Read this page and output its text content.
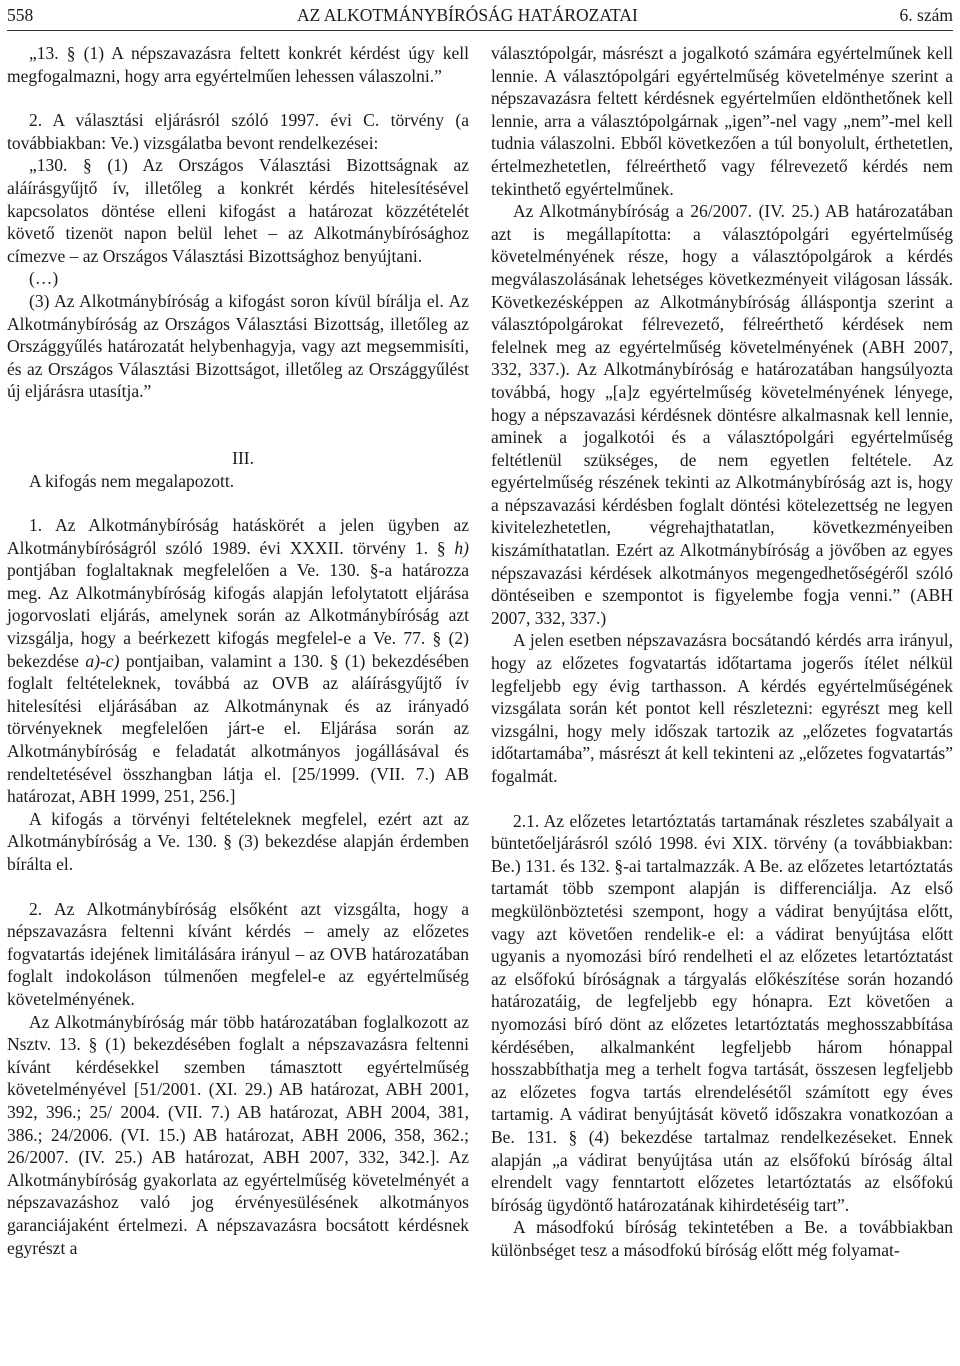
558	AZ ALKOTMÁNYBÍRÓSÁG HATÁROZATAI	6. szám

„13. § (1) A népszavazásra feltett konkrét kérdést úgy kell megfogalmazni, hogy arra egyértelműen lehessen válaszolni.”

2. A választási eljárásról szóló 1997. évi C. törvény (a továbbiakban: Ve.) vizsgálatba bevont rendelkezései:

„130. § (1) Az Országos Választási Bizottságnak az aláírásgyűjtő ív, illetőleg a konkrét kérdés hitelesítésével kapcsolatos döntése elleni kifogást a határozat közzétételét követő tizenöt napon belül lehet – az Alkotmánybírósághoz címezve – az Országos Választási Bizottsághoz benyújtani.

(…)

(3) Az Alkotmánybíróság a kifogást soron kívül bírálja el. Az Alkotmánybíróság az Országos Választási Bizottság, illetőleg az Országgyűlés határozatát helybenhagyja, vagy azt megsemmisíti, és az Országos Választási Bizottságot, illetőleg az Országgyűlést új eljárásra utasítja.”

III.

A kifogás nem megalapozott.

1. Az Alkotmánybíróság hatáskörét a jelen ügyben az Alkotmánybíróságról szóló 1989. évi XXXII. törvény 1. § h) pontjában foglaltaknak megfelelően a Ve. 130. §-a határozza meg. Az Alkotmánybíróság kifogás alapján lefolytatott eljárása jogorvoslati eljárás, amelynek során az Alkotmánybíróság azt vizsgálja, hogy a beérkezett kifogás megfelel-e a Ve. 77. § (2) bekezdése a)-c) pontjaiban, valamint a 130. § (1) bekezdésében foglalt feltételeknek, továbbá az OVB az aláírásgyűjtő ív hitelesítési eljárásában az Alkotmánynak és az irányadó törvényeknek megfelelően járt-e el. Eljárása során az Alkotmánybíróság e feladatát alkotmányos jogállásával és rendeltetésével összhangban látja el. [25/1999. (VII. 7.) AB határozat, ABH 1999, 251, 256.]

A kifogás a törvényi feltételeknek megfelel, ezért azt az Alkotmánybíróság a Ve. 130. § (3) bekezdése alapján érdemben bírálta el.

2. Az Alkotmánybíróság elsőként azt vizsgálta, hogy a népszavazásra feltenni kívánt kérdés – amely az előzetes fogvatartás idejének limitálására irányul – az OVB határozatában foglalt indokoláson túlmenően megfelel-e az egyértelműség követelményének.

Az Alkotmánybíróság már több határozatában foglalkozott az Nsztv. 13. § (1) bekezdésében foglalt a népszavazásra feltenni kívánt kérdésekkel szemben támasztott egyértelműség követelményével [51/2001. (XI. 29.) AB határozat, ABH 2001, 392, 396.; 25/ 2004. (VII. 7.) AB határozat, ABH 2004, 381, 386.; 24/2006. (VI. 15.) AB határozat, ABH 2006, 358, 362.; 26/2007. (IV. 25.) AB határozat, ABH 2007, 332, 342.]. Az Alkotmánybíróság gyakorlata az egyértelműség követelményét a népszavazáshoz való jog érvényesülésének alkotmányos garanciájaként értelmezi. A népszavazásra bocsátott kérdésnek egyrészt a

választópolgár, másrészt a jogalkotó számára egyértelműnek kell lennie. A választópolgári egyértelműség követelménye szerint a népszavazásra feltett kérdésnek egyértelműen eldönthetőnek kell lennie, arra a választópolgárnak „igen”-nel vagy „nem”-mel kell tudnia válaszolni. Ebből következően a túl bonyolult, érthetetlen, értelmezhetetlen, félreérthető vagy félrevezető kérdés nem tekinthető egyértelműnek.

Az Alkotmánybíróság a 26/2007. (IV. 25.) AB határozatában azt is megállapította: a választópolgári egyértelműség követelményének része, hogy a választópolgárok a kérdés megválaszolásának lehetséges következményeit világosan lássák. Következésképpen az Alkotmánybíróság álláspontja szerint a választópolgárokat félrevezető, félreérthető kérdések nem felelnek meg az egyértelműség követelményének (ABH 2007, 332, 337.). Az Alkotmánybíróság e határozatában hangsúlyozta továbbá, hogy „[a]z egyértelműség követelményének lényege, hogy a népszavazási kérdésnek döntésre alkalmasnak kell lennie, aminek a jogalkotói és a választópolgári egyértelműség feltétlenül szükséges, de nem egyetlen feltétele. Az egyértelműség részének tekinti az Alkotmánybíróság azt is, hogy a népszavazási kérdésben foglalt döntési kötelezettség ne legyen kivitelezhetetlen, végrehajthatatlan, következményeiben kiszámíthatatlan. Ezért az Alkotmánybíróság a jövőben az egyes népszavazási kérdések alkotmányos megengedhetőségéről szóló döntéseiben e szempontot is figyelembe fogja venni.” (ABH 2007, 332, 337.)

A jelen esetben népszavazásra bocsátandó kérdés arra irányul, hogy az előzetes fogvatartás időtartama jogerős ítélet nélkül legfeljebb egy évig tarthasson. A kérdés egyértelműségének vizsgálata során két pontot kell részletezni: egyrészt meg kell vizsgálni, hogy mely időszak tartozik az „előzetes fogvatartás időtartamába”, másrészt át kell tekinteni az „előzetes fogvatartás” fogalmát.

2.1. Az előzetes letartóztatás tartamának részletes szabályait a büntetőeljárásról szóló 1998. évi XIX. törvény (a továbbiakban: Be.) 131. és 132. §-ai tartalmazzák. A Be. az előzetes letartóztatás tartamát több szempont alapján is differenciálja. Az első megkülönböztetési szempont, hogy a vádirat benyújtása előtt, vagy azt követően rendelik-e el: a vádirat benyújtása előtt ugyanis a nyomozási bíró rendelheti el az előzetes letartóztatást az elsőfokú bíróságnak a tárgyalás előkészítése során hozandó határozatáig, de legfeljebb egy hónapra. Ezt követően a nyomozási bíró dönt az előzetes letartóztatás meghosszabbítása kérdésében, alkalmanként legfeljebb három hónappal hosszabbíthatja meg a terhelt fogva tartását, összesen legfeljebb az előzetes fogva tartás elrendelésétől számított egy éves tartamig. A vádirat benyújtását követő időszakra vonatkozóan a Be. 131. § (4) bekezdése tartalmaz rendelkezéseket. Ennek alapján „a vádirat benyújtása után az elsőfokú bíróság által elrendelt vagy fenntartott előzetes letartóztatás az elsőfokú bíróság ügydöntő határozatának kihirdetéséig tart”.

A másodfokú bíróság tekintetében a Be. a továbbiakban különbséget tesz a másodfokú bíróság előtt még folyamat-
